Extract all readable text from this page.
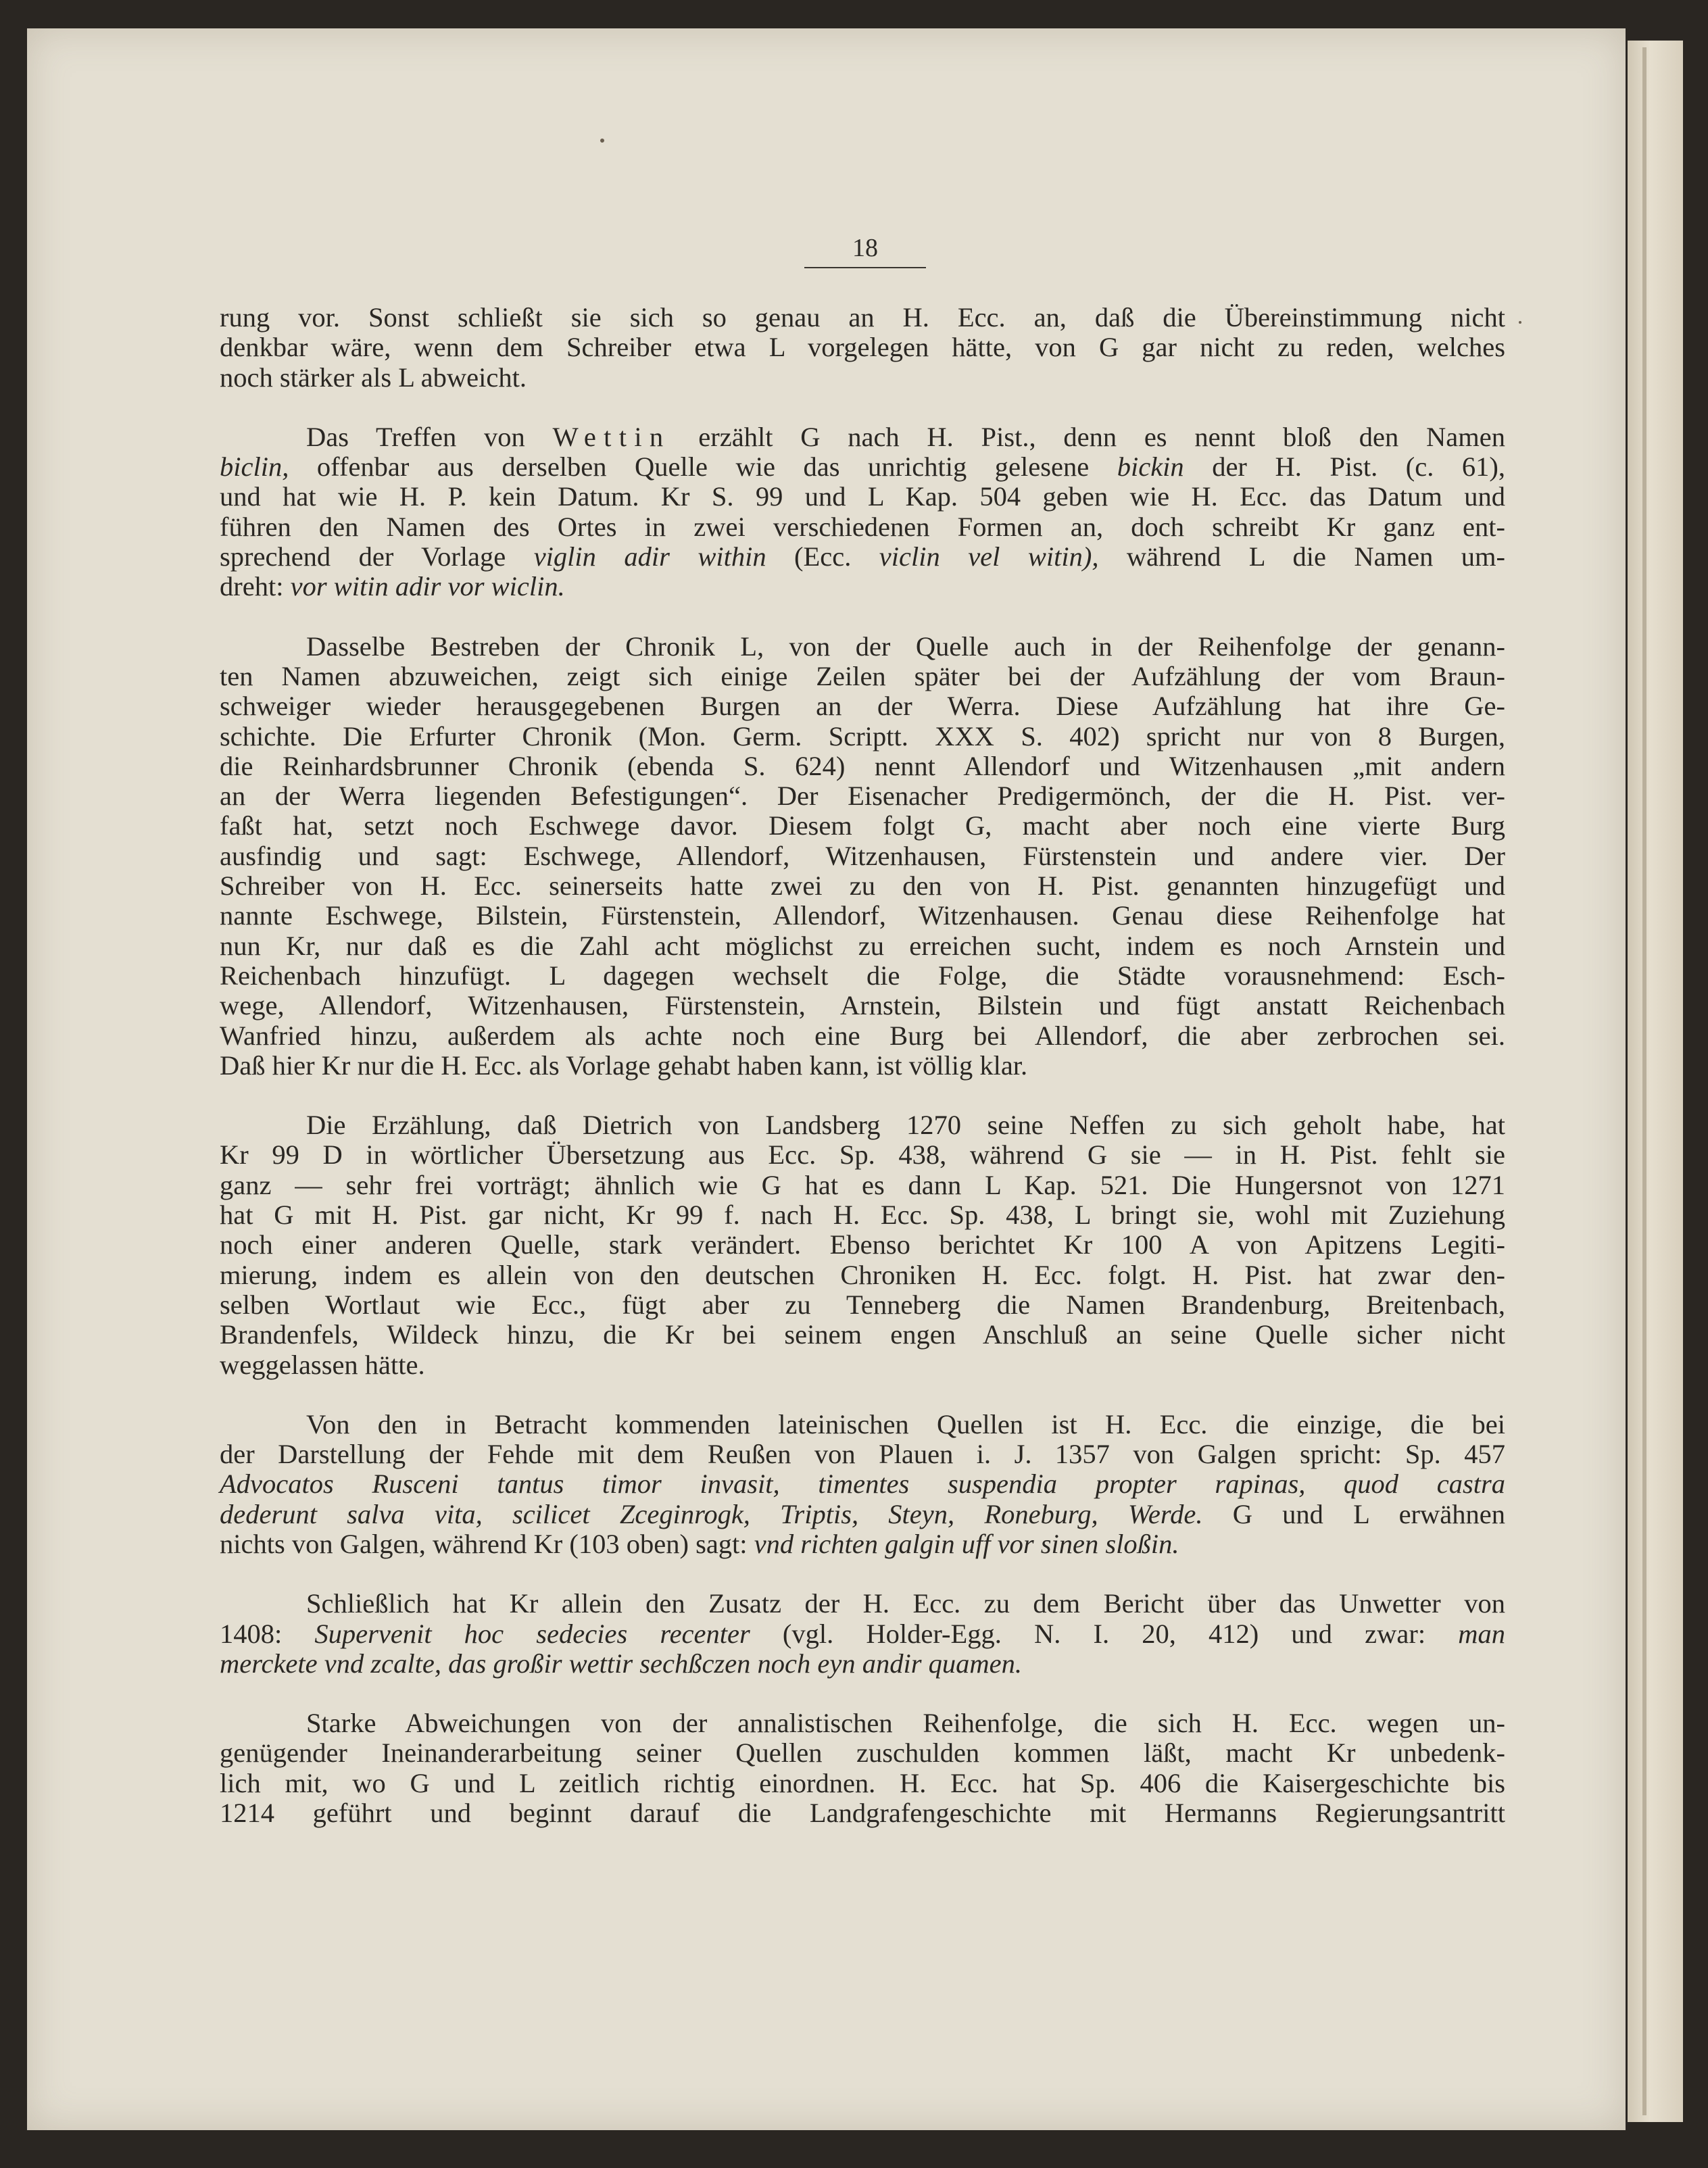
18
rung vor. Sonst schließt sie sich so genau an H. Ecc. an, daß die Übereinstimmung nicht
denkbar wäre, wenn dem Schreiber etwa L vorgelegen hätte, von G gar nicht zu reden, welches
noch stärker als L abweicht.
Das Treffen von Wettin erzählt G nach H. Pist., denn es nennt bloß den Namen
biclin, offenbar aus derselben Quelle wie das unrichtig gelesene bickin der H. Pist. (c. 61),
und hat wie H. P. kein Datum. Kr S. 99 und L Kap. 504 geben wie H. Ecc. das Datum und
führen den Namen des Ortes in zwei verschiedenen Formen an, doch schreibt Kr ganz ent-
sprechend der Vorlage viglin adir within (Ecc. viclin vel witin), während L die Namen um-
dreht: vor witin adir vor wiclin.
Dasselbe Bestreben der Chronik L, von der Quelle auch in der Reihenfolge der genann-
ten Namen abzuweichen, zeigt sich einige Zeilen später bei der Aufzählung der vom Braun-
schweiger wieder herausgegebenen Burgen an der Werra. Diese Aufzählung hat ihre Ge-
schichte. Die Erfurter Chronik (Mon. Germ. Scriptt. XXX S. 402) spricht nur von 8 Burgen,
die Reinhardsbrunner Chronik (ebenda S. 624) nennt Allendorf und Witzenhausen „mit andern
an der Werra liegenden Befestigungen“. Der Eisenacher Predigermönch, der die H. Pist. ver-
faßt hat, setzt noch Eschwege davor. Diesem folgt G, macht aber noch eine vierte Burg
ausfindig und sagt: Eschwege, Allendorf, Witzenhausen, Fürstenstein und andere vier. Der
Schreiber von H. Ecc. seinerseits hatte zwei zu den von H. Pist. genannten hinzugefügt und
nannte Eschwege, Bilstein, Fürstenstein, Allendorf, Witzenhausen. Genau diese Reihenfolge hat
nun Kr, nur daß es die Zahl acht möglichst zu erreichen sucht, indem es noch Arnstein und
Reichenbach hinzufügt. L dagegen wechselt die Folge, die Städte vorausnehmend: Esch-
wege, Allendorf, Witzenhausen, Fürstenstein, Arnstein, Bilstein und fügt anstatt Reichenbach
Wanfried hinzu, außerdem als achte noch eine Burg bei Allendorf, die aber zerbrochen sei.
Daß hier Kr nur die H. Ecc. als Vorlage gehabt haben kann, ist völlig klar.
Die Erzählung, daß Dietrich von Landsberg 1270 seine Neffen zu sich geholt habe, hat
Kr 99 D in wörtlicher Übersetzung aus Ecc. Sp. 438, während G sie — in H. Pist. fehlt sie
ganz — sehr frei vorträgt; ähnlich wie G hat es dann L Kap. 521. Die Hungersnot von 1271
hat G mit H. Pist. gar nicht, Kr 99 f. nach H. Ecc. Sp. 438, L bringt sie, wohl mit Zuziehung
noch einer anderen Quelle, stark verändert. Ebenso berichtet Kr 100 A von Apitzens Legiti-
mierung, indem es allein von den deutschen Chroniken H. Ecc. folgt. H. Pist. hat zwar den-
selben Wortlaut wie Ecc., fügt aber zu Tenneberg die Namen Brandenburg, Breitenbach,
Brandenfels, Wildeck hinzu, die Kr bei seinem engen Anschluß an seine Quelle sicher nicht
weggelassen hätte.
Von den in Betracht kommenden lateinischen Quellen ist H. Ecc. die einzige, die bei
der Darstellung der Fehde mit dem Reußen von Plauen i. J. 1357 von Galgen spricht: Sp. 457
Advocatos Rusceni tantus timor invasit, timentes suspendia propter rapinas, quod castra
dederunt salva vita, scilicet Zceginrogk, Triptis, Steyn, Roneburg, Werde. G und L erwähnen
nichts von Galgen, während Kr (103 oben) sagt: vnd richten galgin uff vor sinen sloßin.
Schließlich hat Kr allein den Zusatz der H. Ecc. zu dem Bericht über das Unwetter von
1408: Supervenit hoc sedecies recenter (vgl. Holder-Egg. N. I. 20, 412) und zwar: man
merckete vnd zcalte, das großir wettir sechßczen noch eyn andir quamen.
Starke Abweichungen von der annalistischen Reihenfolge, die sich H. Ecc. wegen un-
genügender Ineinanderarbeitung seiner Quellen zuschulden kommen läßt, macht Kr unbedenk-
lich mit, wo G und L zeitlich richtig einordnen. H. Ecc. hat Sp. 406 die Kaisergeschichte bis
1214 geführt und beginnt darauf die Landgrafengeschichte mit Hermanns Regierungsantritt
